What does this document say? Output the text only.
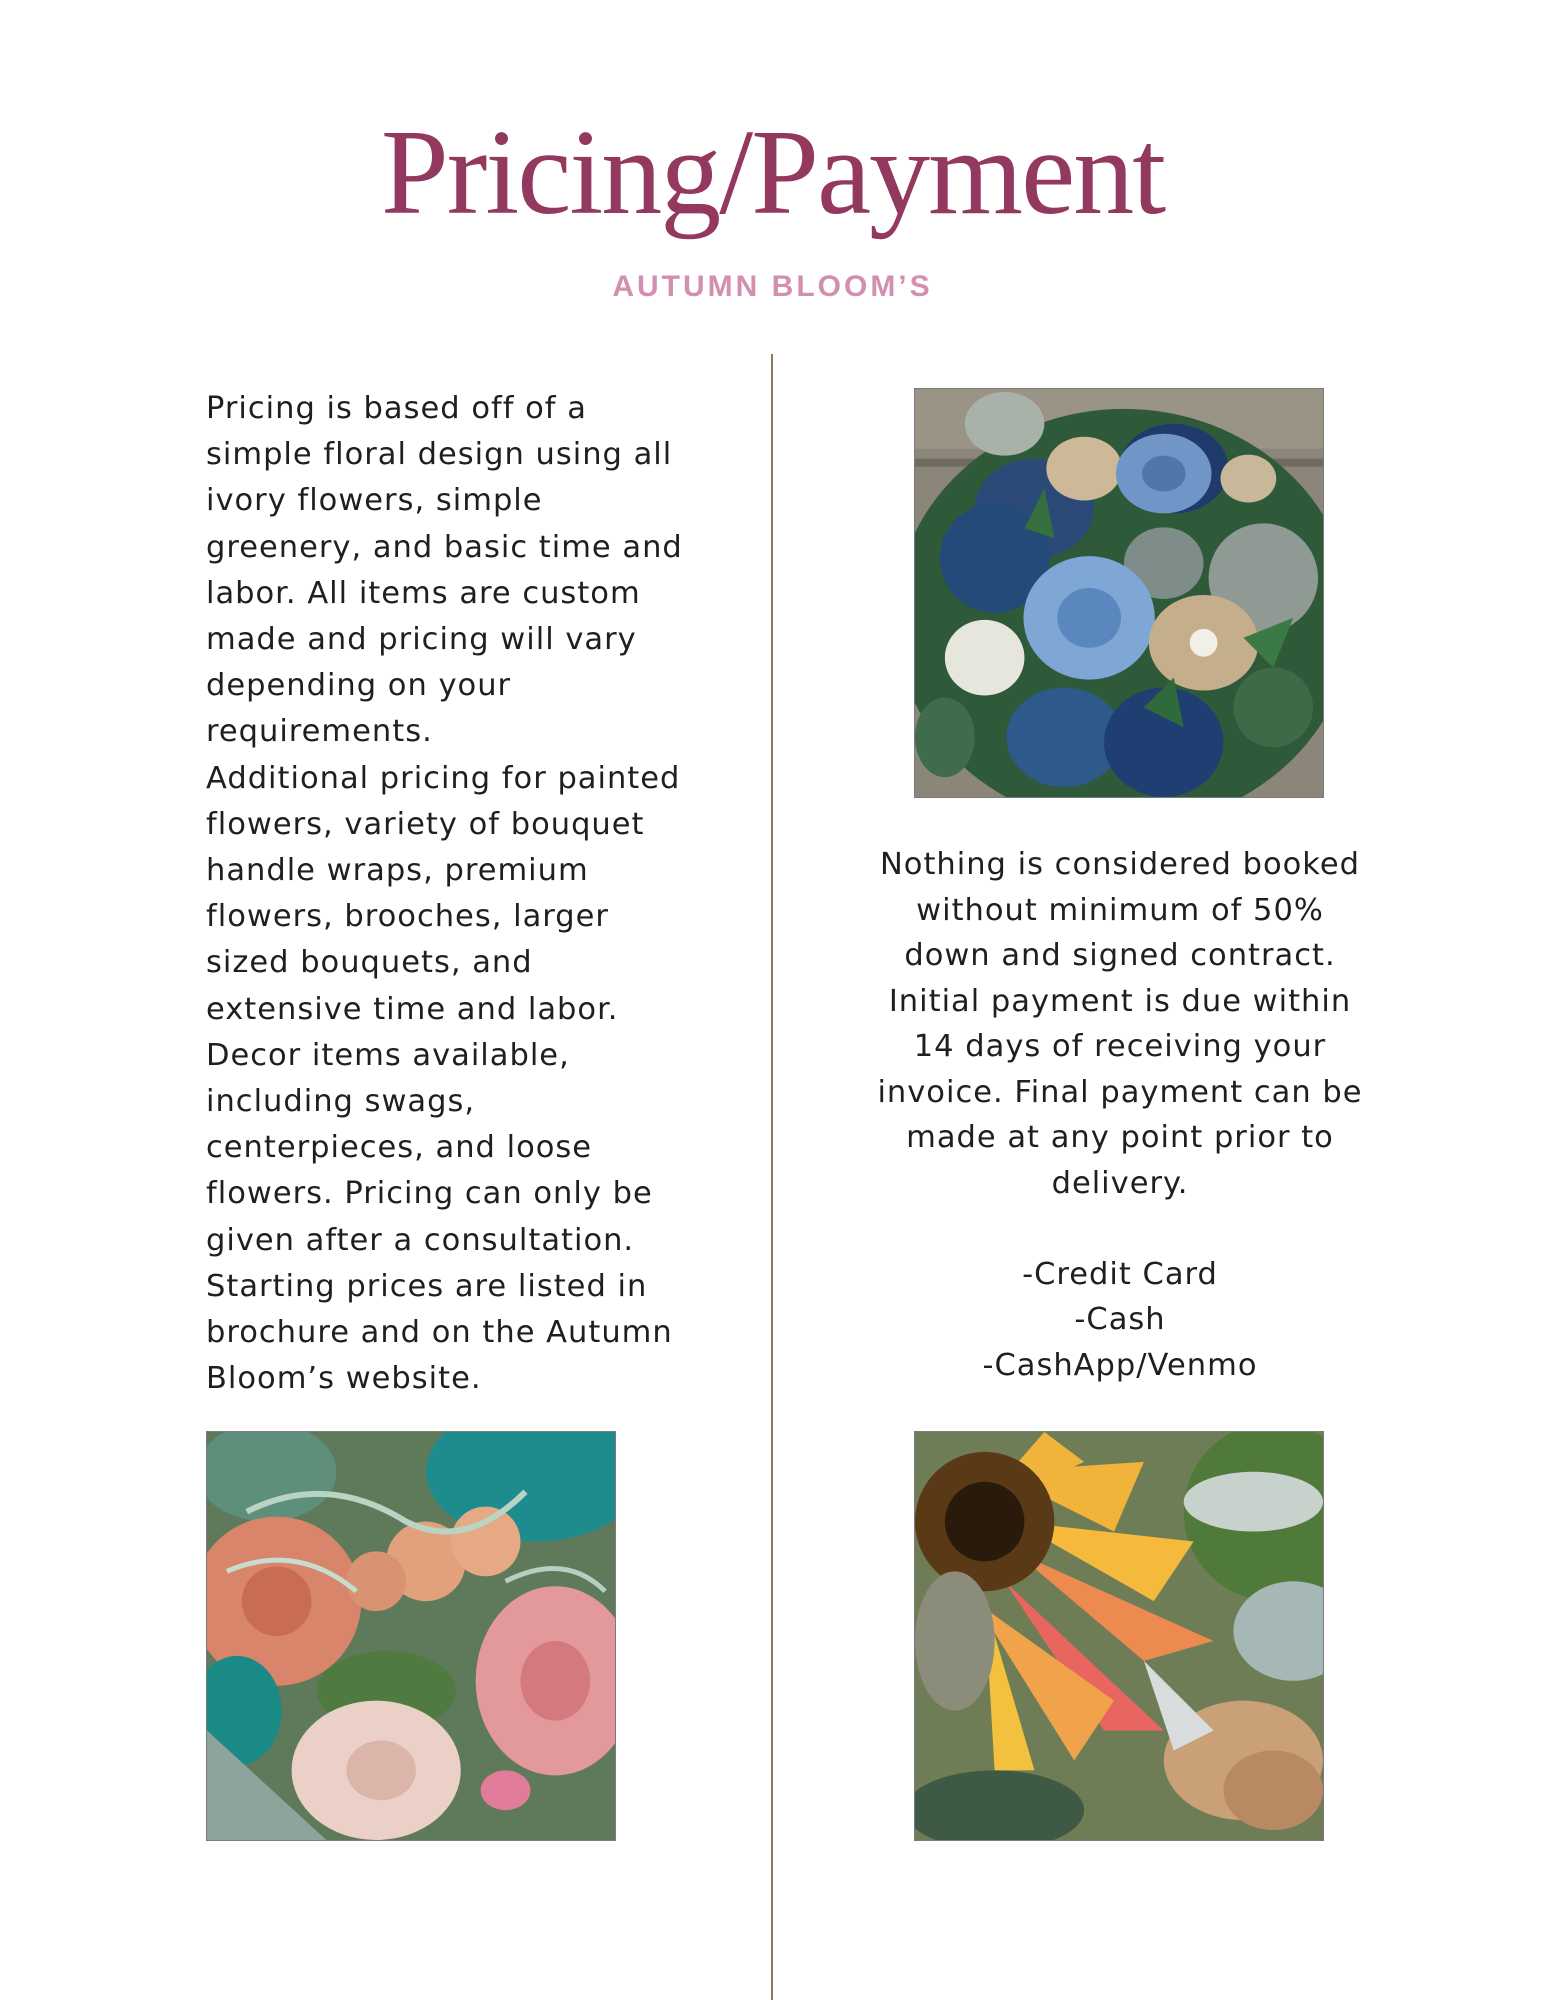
Pricing/Payment
AUTUMN BLOOM’S

Pricing is based off of a simple floral design using all ivory flowers, simple greenery, and basic time and labor. All items are custom made and pricing will vary depending on your requirements.

Additional pricing for painted flowers, variety of bouquet handle wraps, premium flowers, brooches, larger sized bouquets, and extensive time and labor.

Decor items available, including swags, centerpieces, and loose flowers. Pricing can only be given after a consultation.

Starting prices are listed in brochure and on the Autumn Bloom’s website.

Nothing is considered booked without minimum of 50% down and signed contract. Initial payment is due within 14 days of receiving your invoice. Final payment can be made at any point prior to delivery.

-Credit Card

-Cash

-CashApp/Venmo
